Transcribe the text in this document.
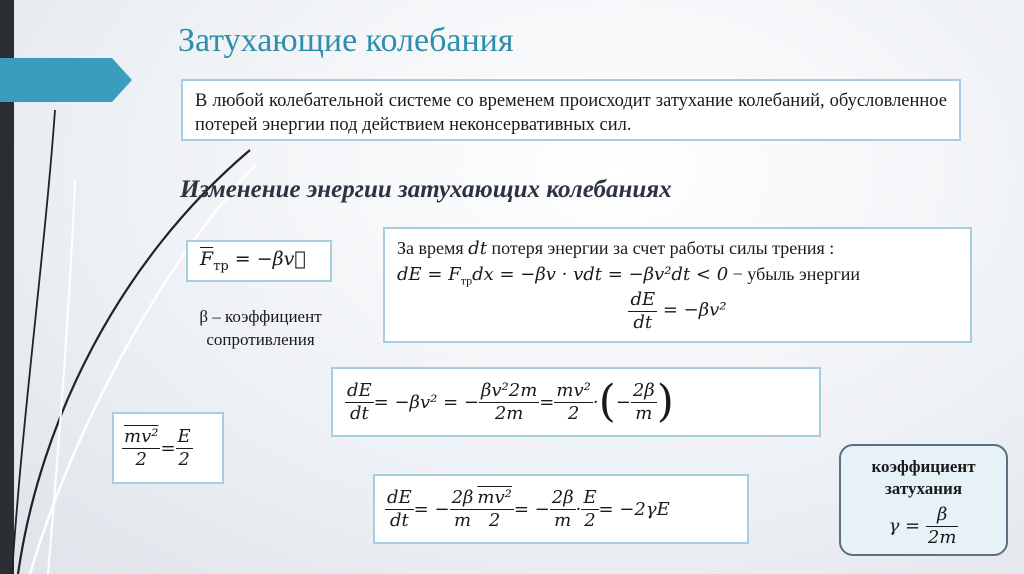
Затухающие колебания
В любой колебательной системе со временем происходит затухание колебаний, обусловленное потерей энергии под действием неконсервативных сил.
Изменение энергии затухающих колебаниях
$\overline{F}_{тр}$ = −βv⃗
β – коэффициент
сопротивления
За время dt потеря энергии за счет работы силы трения :
dE = $F_{тр}dx = -\beta v$ · vdt = −βv²dt < 0 − убыль энергии
$\frac{dE}{dt} = -\beta v^2$
$\frac{dE}{dt} = -\beta v^2$ = − $\frac{\text{βv²2m}}{2m} = \frac{\text{mv²}}{2}$ · ( − $\frac{2\beta}{m}$ )
$\frac{\text{mv²}}{2} = \frac{E}{2}$
$\frac{dE}{dt}$ = − $\frac{2\beta}{m} \frac{\text{mv²}}{2}$ = − $\frac{2\beta}{m} \cdot \frac{E}{2} = -2\gamma E$
коэффициент
затухания
$\gamma = \frac{\beta}{2m}$
